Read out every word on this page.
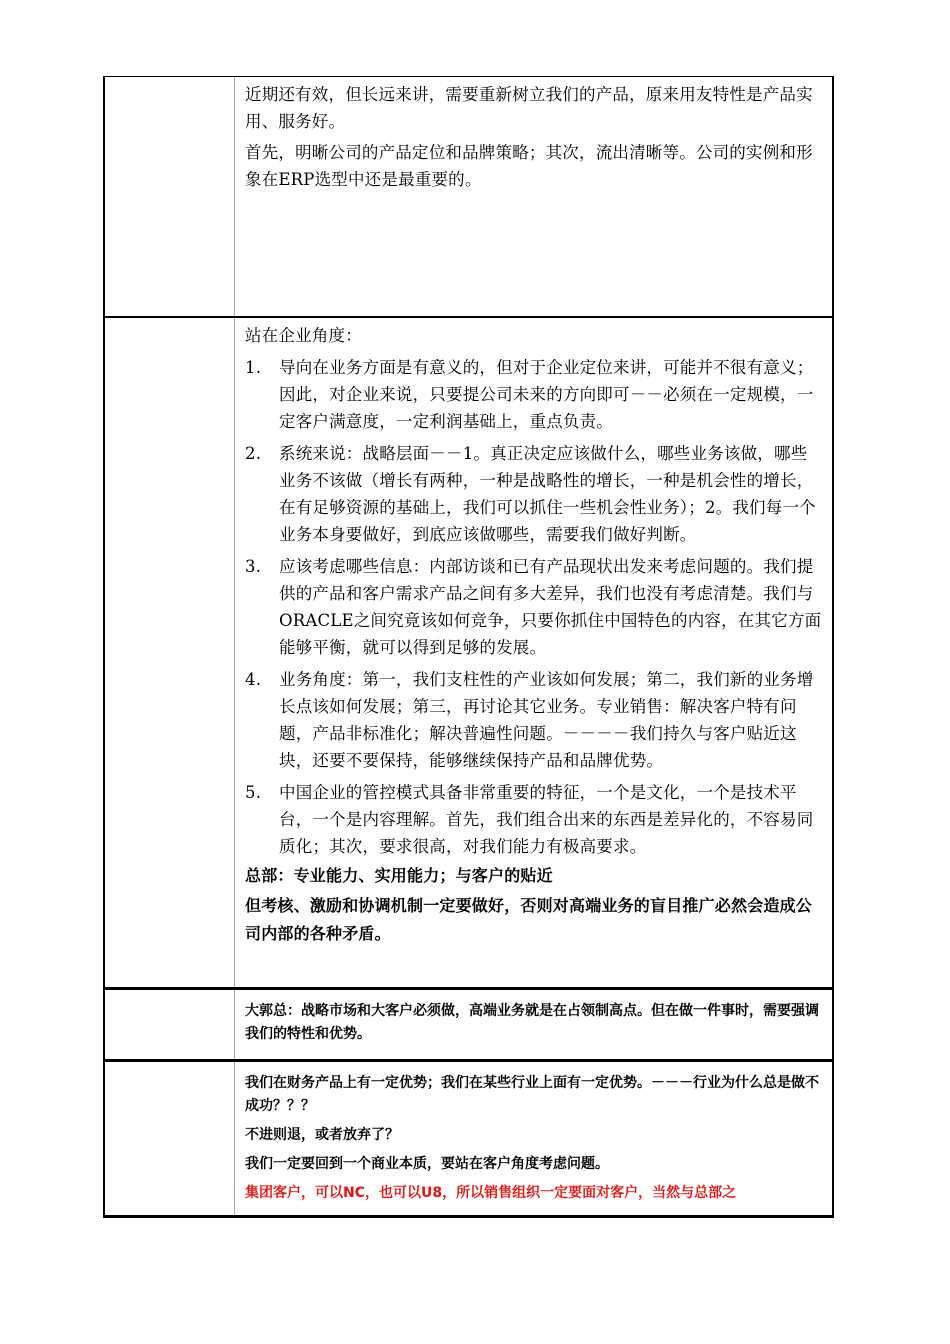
近期还有效，但长远来讲，需要重新树立我们的产品，原来用友特性是产品实用、服务好。

首先，明晰公司的产品定位和品牌策略；其次，流出清晰等。公司的实例和形象在ERP选型中还是最重要的。

站在企业角度：

1.	导向在业务方面是有意义的，但对于企业定位来讲，可能并不很有意义；因此，对企业来说，只要提公司未来的方向即可－－必须在一定规模，一定客户满意度，一定利润基础上，重点负责。
2.	系统来说：战略层面－－1。真正决定应该做什么，哪些业务该做，哪些业务不该做（增长有两种，一种是战略性的增长，一种是机会性的增长，在有足够资源的基础上，我们可以抓住一些机会性业务）；2。我们每一个业务本身要做好，到底应该做哪些，需要我们做好判断。
3.	应该考虑哪些信息：内部访谈和已有产品现状出发来考虑问题的。我们提供的产品和客户需求产品之间有多大差异，我们也没有考虑清楚。我们与ORACLE之间究竟该如何竞争，只要你抓住中国特色的内容，在其它方面能够平衡，就可以得到足够的发展。
4.	业务角度：第一，我们支柱性的产业该如何发展；第二，我们新的业务增长点该如何发展；第三，再讨论其它业务。专业销售：解决客户特有问题，产品非标准化；解决普遍性问题。－－－－我们持久与客户贴近这块，还要不要保持，能够继续保持产品和品牌优势。
5.	中国企业的管控模式具备非常重要的特征，一个是文化，一个是技术平台，一个是内容理解。首先，我们组合出来的东西是差异化的，不容易同质化；其次，要求很高，对我们能力有极高要求。

总部：专业能力、实用能力；与客户的贴近

但考核、激励和协调机制一定要做好，否则对高端业务的盲目推广必然会造成公司内部的各种矛盾。

大郭总：战略市场和大客户必须做，高端业务就是在占领制高点。但在做一件事时，需要强调我们的特性和优势。

我们在财务产品上有一定优势；我们在某些行业上面有一定优势。－－－行业为什么总是做不成功？？？

不进则退，或者放弃了？

我们一定要回到一个商业本质，要站在客户角度考虑问题。

集团客户，可以NC，也可以U8，所以销售组织一定要面对客户，当然与总部之
